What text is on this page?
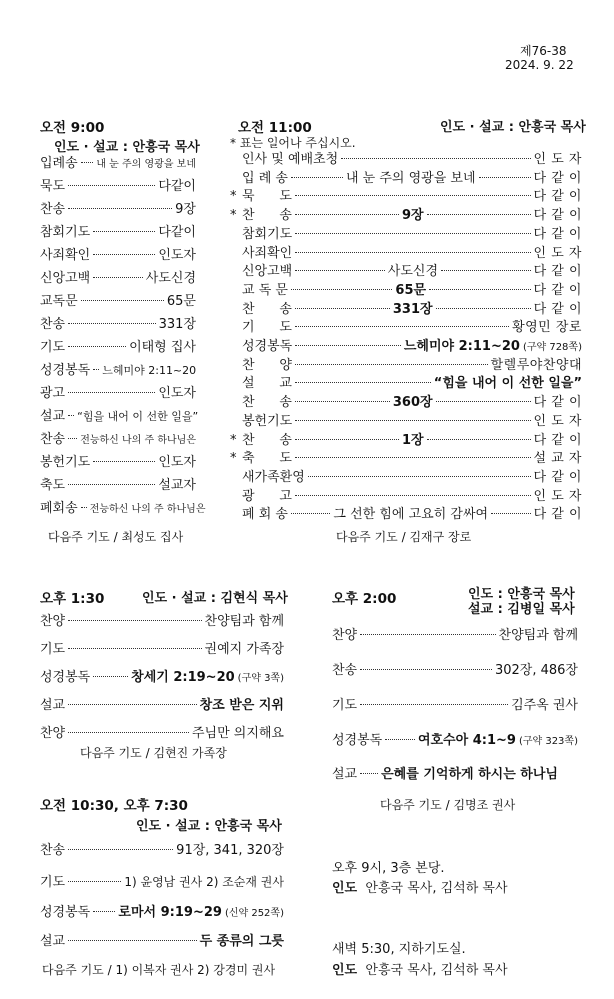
제76-38
2024. 9. 22
오전 9:00
인도 · 설교 : 안흥국 목사
입례송 내 눈 주의 영광을 보네
묵도	다같이
찬송	9장
참회기도	다같이
사죄확인	인도자
신앙고백	사도신경
교독문	65문
찬송	331장
기도	이태형 집사
성경봉독 느헤미야 2:11~20
광고	인도자
설교 “힘을 내어 이 선한 일을”
찬송 전능하신 나의 주 하나님은
봉헌기도	인도자
축도	설교자
폐회송 전능하신 나의 주 하나님은
다음주 기도 / 최성도 집사
오전 11:00	인도 · 설교 : 안흥국 목사
* 표는 일어나 주십시오.
인사 및 예배초청	인 도 자
입 례 송	내 눈 주의 영광을 보네	다 같 이
* 묵      도	다 같 이
* 찬      송	9장	다 같 이
참회기도	다 같 이
사죄확인	인 도 자
신앙고백	사도신경	다 같 이
교 독 문	65문	다 같 이
찬      송	331장	다 같 이
기      도	황영민 장로
성경봉독	느헤미야 2:11~20 (구약 728쪽)
찬      양	할렐루야찬양대
설      교	“힘을 내어 이 선한 일을”
찬      송	360장	다 같 이
봉헌기도	인 도 자
* 찬      송	1장	다 같 이
* 축      도	설 교 자
새가족환영	다 같 이
광      고	인 도 자
폐 회 송	그 선한 힘에 고요히 감싸여	다 같 이
다음주 기도 / 김재구 장로
오후 1:30	인도 · 설교 : 김현식 목사
찬양	찬양팀과 함께
기도	권예지 가족장
성경봉독	창세기 2:19~20 (구약 3쪽)
설교	창조 받은 지위
찬양	주님만 의지해요
다음주 기도 / 김현진 가족장
오후 2:00	인도 : 안흥국 목사
설교 : 김병일 목사
찬양	찬양팀과 함께
찬송	302장, 486장
기도	김주옥 권사
성경봉독	여호수아 4:1~9 (구약 323쪽)
설교 은혜를 기억하게 하시는 하나님
다음주 기도 / 김명조 권사
오전 10:30, 오후 7:30
인도 · 설교 : 안흥국 목사
찬송	91장, 341, 320장
기도	1) 윤영남 권사 2) 조순재 권사
성경봉독 로마서 9:19~29 (신약 252쪽)
설교	두 종류의 그릇
다음주 기도 / 1) 이복자 권사 2) 강경미 권사
오후 9시, 3층 본당.
인도 안흥국 목사, 김석하 목사
새벽 5:30, 지하기도실.
인도 안흥국 목사, 김석하 목사
